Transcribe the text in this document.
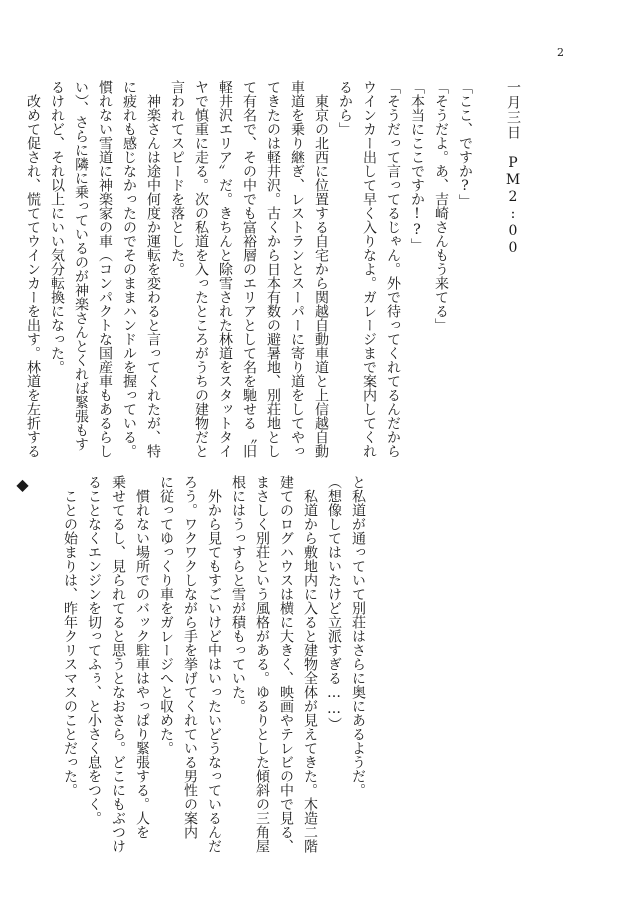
2

一月三日　PM2:00

「ここ、ですか?」
「そうだよ。あ、吉崎さんもう来てる」
「本当にここですか!?」
「そうだって言ってるじゃん。外で待ってくれてるんだから
ウインカー出して早く入りなよ。ガレージまで案内してくれ
るから」
　東京の北西に位置する自宅から関越自動車道と上信越自動
車道を乗り継ぎ、レストランとスーパーに寄り道をしてやっ
てきたのは軽井沢。古くから日本有数の避暑地、別荘地とし
て有名で、その中でも富裕層のエリアとして名を馳せる〝旧
軽井沢エリア〟だ。きちんと除雪された林道をスタットタイ
ヤで慎重に走る。次の私道を入ったところがうちの建物だと
言われてスピードを落とした。
　神楽さんは途中何度か運転を変わると言ってくれたが、特
に疲れも感じなかったのでそのままハンドルを握っている。
慣れない雪道に神楽家の車（コンパクトな国産車もあるらし
い）、さらに隣に乗っているのが神楽さんとくれば緊張もす
るけれど、それ以上にいい気分転換になった。
　改めて促され、慌ててウインカーを出す。林道を左折する

と私道が通っていて別荘はさらに奥にあるようだ。
（想像してはいたけど立派すぎる……）
　私道から敷地内に入ると建物全体が見えてきた。木造二階
建てのログハウスは横に大きく、映画やテレビの中で見る、
まさしく別荘という風格がある。ゆるりとした傾斜の三角屋
根にはうっすらと雪が積もっていた。
　外から見てもすごいけど中はいったいどうなっているんだ
ろう。ワクワクしながら手を挙げてくれている男性の案内
に従ってゆっくり車をガレージへと収めた。
　慣れない場所でのバック駐車はやっぱり緊張する。人を
乗せてるし、見られてると思うとなおさら。どこにもぶつけ
ることなくエンジンを切ってふぅ、と小さく息をつく。
　ことの始まりは、昨年クリスマスのことだった。

◆
